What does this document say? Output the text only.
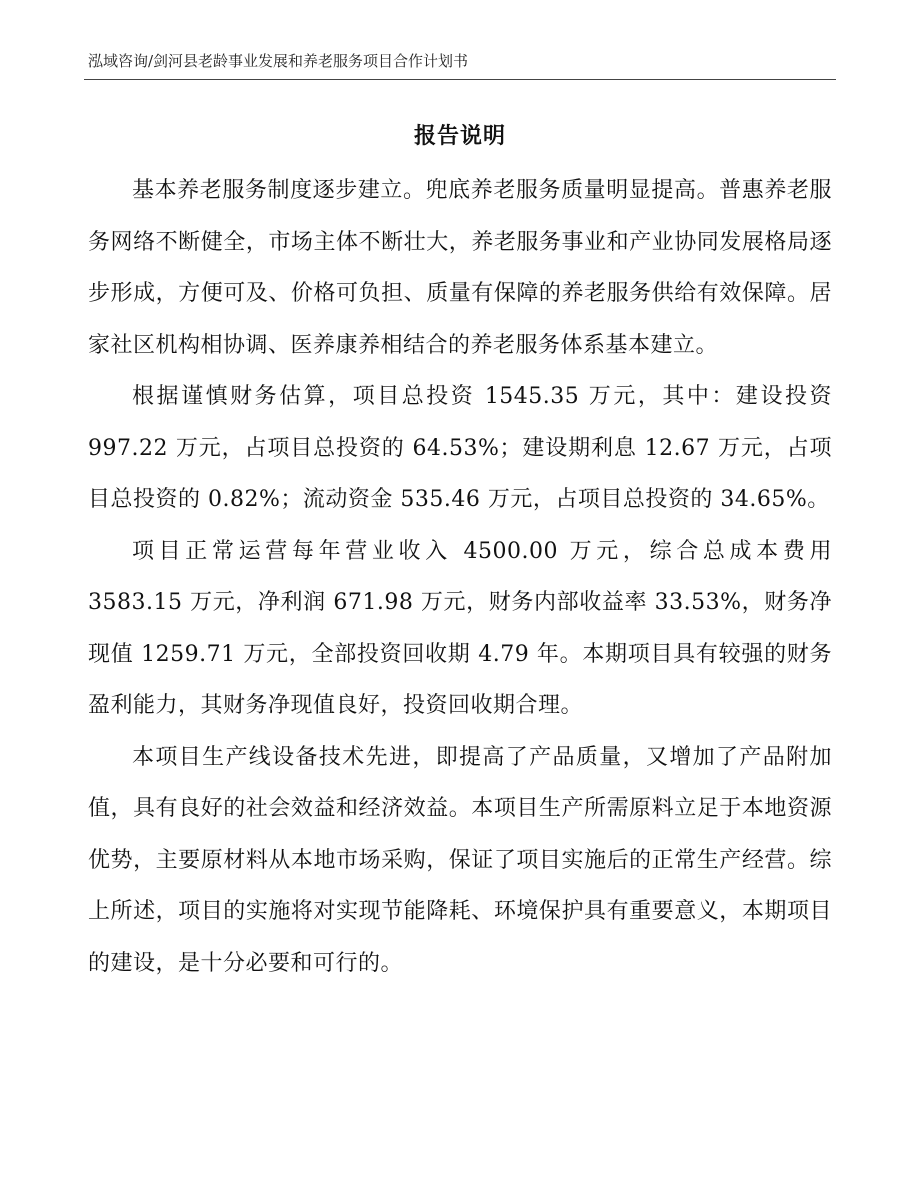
泓域咨询/剑河县老龄事业发展和养老服务项目合作计划书
报告说明

基本养老服务制度逐步建立。兜底养老服务质量明显提高。普惠养老服务网络不断健全，市场主体不断壮大，养老服务事业和产业协同发展格局逐步形成，方便可及、价格可负担、质量有保障的养老服务供给有效保障。居家社区机构相协调、医养康养相结合的养老服务体系基本建立。

根据谨慎财务估算，项目总投资 1545.35 万元，其中：建设投资 997.22 万元，占项目总投资的 64.53%；建设期利息 12.67 万元，占项目总投资的 0.82%；流动资金 535.46 万元，占项目总投资的 34.65%。

项目正常运营每年营业收入 4500.00 万元，综合总成本费用 3583.15 万元，净利润 671.98 万元，财务内部收益率 33.53%，财务净现值 1259.71 万元，全部投资回收期 4.79 年。本期项目具有较强的财务盈利能力，其财务净现值良好，投资回收期合理。

本项目生产线设备技术先进，即提高了产品质量，又增加了产品附加值，具有良好的社会效益和经济效益。本项目生产所需原料立足于本地资源优势，主要原材料从本地市场采购，保证了项目实施后的正常生产经营。综上所述，项目的实施将对实现节能降耗、环境保护具有重要意义，本期项目的建设，是十分必要和可行的。
